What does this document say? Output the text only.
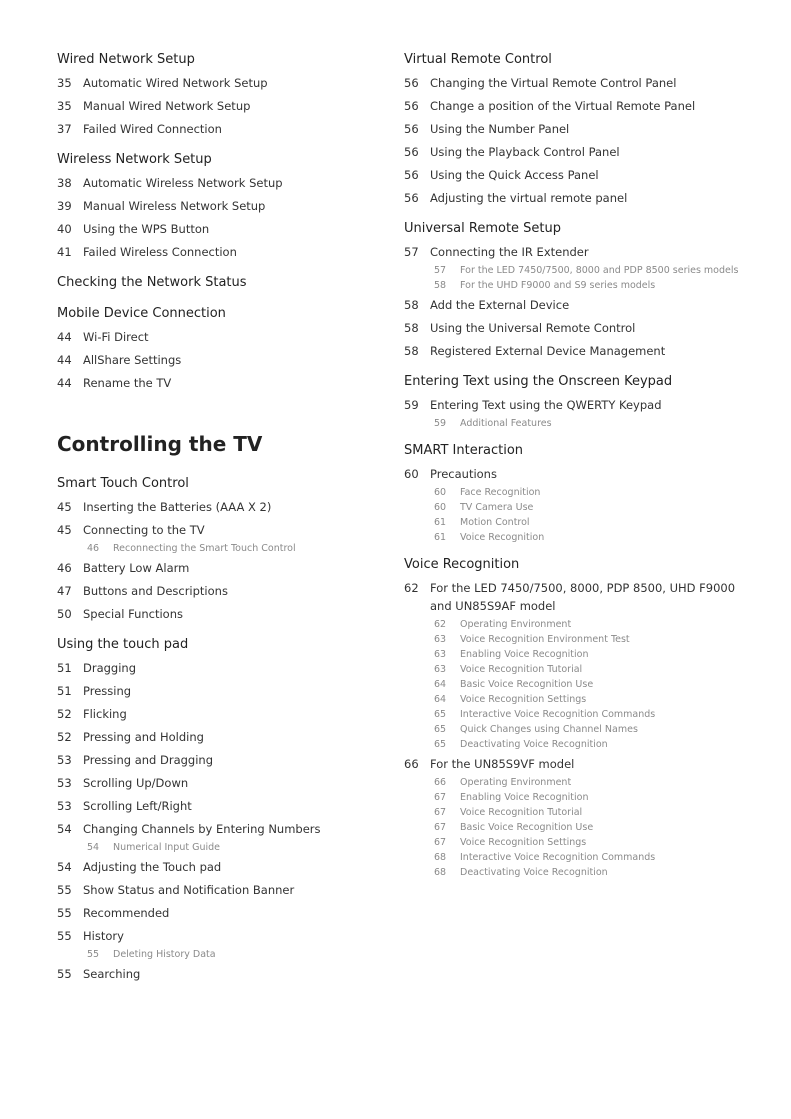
Wired Network Setup
35 Automatic Wired Network Setup
35 Manual Wired Network Setup
37 Failed Wired Connection
Wireless Network Setup
38 Automatic Wireless Network Setup
39 Manual Wireless Network Setup
40 Using the WPS Button
41 Failed Wireless Connection
Checking the Network Status
Mobile Device Connection
44 Wi-Fi Direct
44 AllShare Settings
44 Rename the TV
Controlling the TV
Smart Touch Control
45 Inserting the Batteries (AAA X 2)
45 Connecting to the TV
46	Reconnecting the Smart Touch Control
46 Battery Low Alarm
47 Buttons and Descriptions
50 Special Functions
Using the touch pad
51 Dragging
51 Pressing
52 Flicking
52 Pressing and Holding
53 Pressing and Dragging
53 Scrolling Up/Down
53 Scrolling Left/Right
54 Changing Channels by Entering Numbers
54	Numerical Input Guide
54 Adjusting the Touch pad
55 Show Status and Notification Banner
55 Recommended
55 History
55	Deleting History Data
55 Searching
Virtual Remote Control
56 Changing the Virtual Remote Control Panel
56 Change a position of the Virtual Remote Panel
56 Using the Number Panel
56 Using the Playback Control Panel
56 Using the Quick Access Panel
56 Adjusting the virtual remote panel
Universal Remote Setup
57 Connecting the IR Extender
57	For the LED 7450/7500, 8000 and PDP 8500 series models
58	For the UHD F9000 and S9 series models
58 Add the External Device
58 Using the Universal Remote Control
58 Registered External Device Management
Entering Text using the Onscreen Keypad
59 Entering Text using the QWERTY Keypad
59	Additional Features
SMART Interaction
60 Precautions
60	Face Recognition
60	TV Camera Use
61	Motion Control
61	Voice Recognition
Voice Recognition
62 For the LED 7450/7500, 8000, PDP 8500, UHD F9000 and UN85S9AF model
62	Operating Environment
63	Voice Recognition Environment Test
63	Enabling Voice Recognition
63	Voice Recognition Tutorial
64	Basic Voice Recognition Use
64	Voice Recognition Settings
65	Interactive Voice Recognition Commands
65	Quick Changes using Channel Names
65	Deactivating Voice Recognition
66 For the UN85S9VF model
66	Operating Environment
67	Enabling Voice Recognition
67	Voice Recognition Tutorial
67	Basic Voice Recognition Use
67	Voice Recognition Settings
68	Interactive Voice Recognition Commands
68	Deactivating Voice Recognition
